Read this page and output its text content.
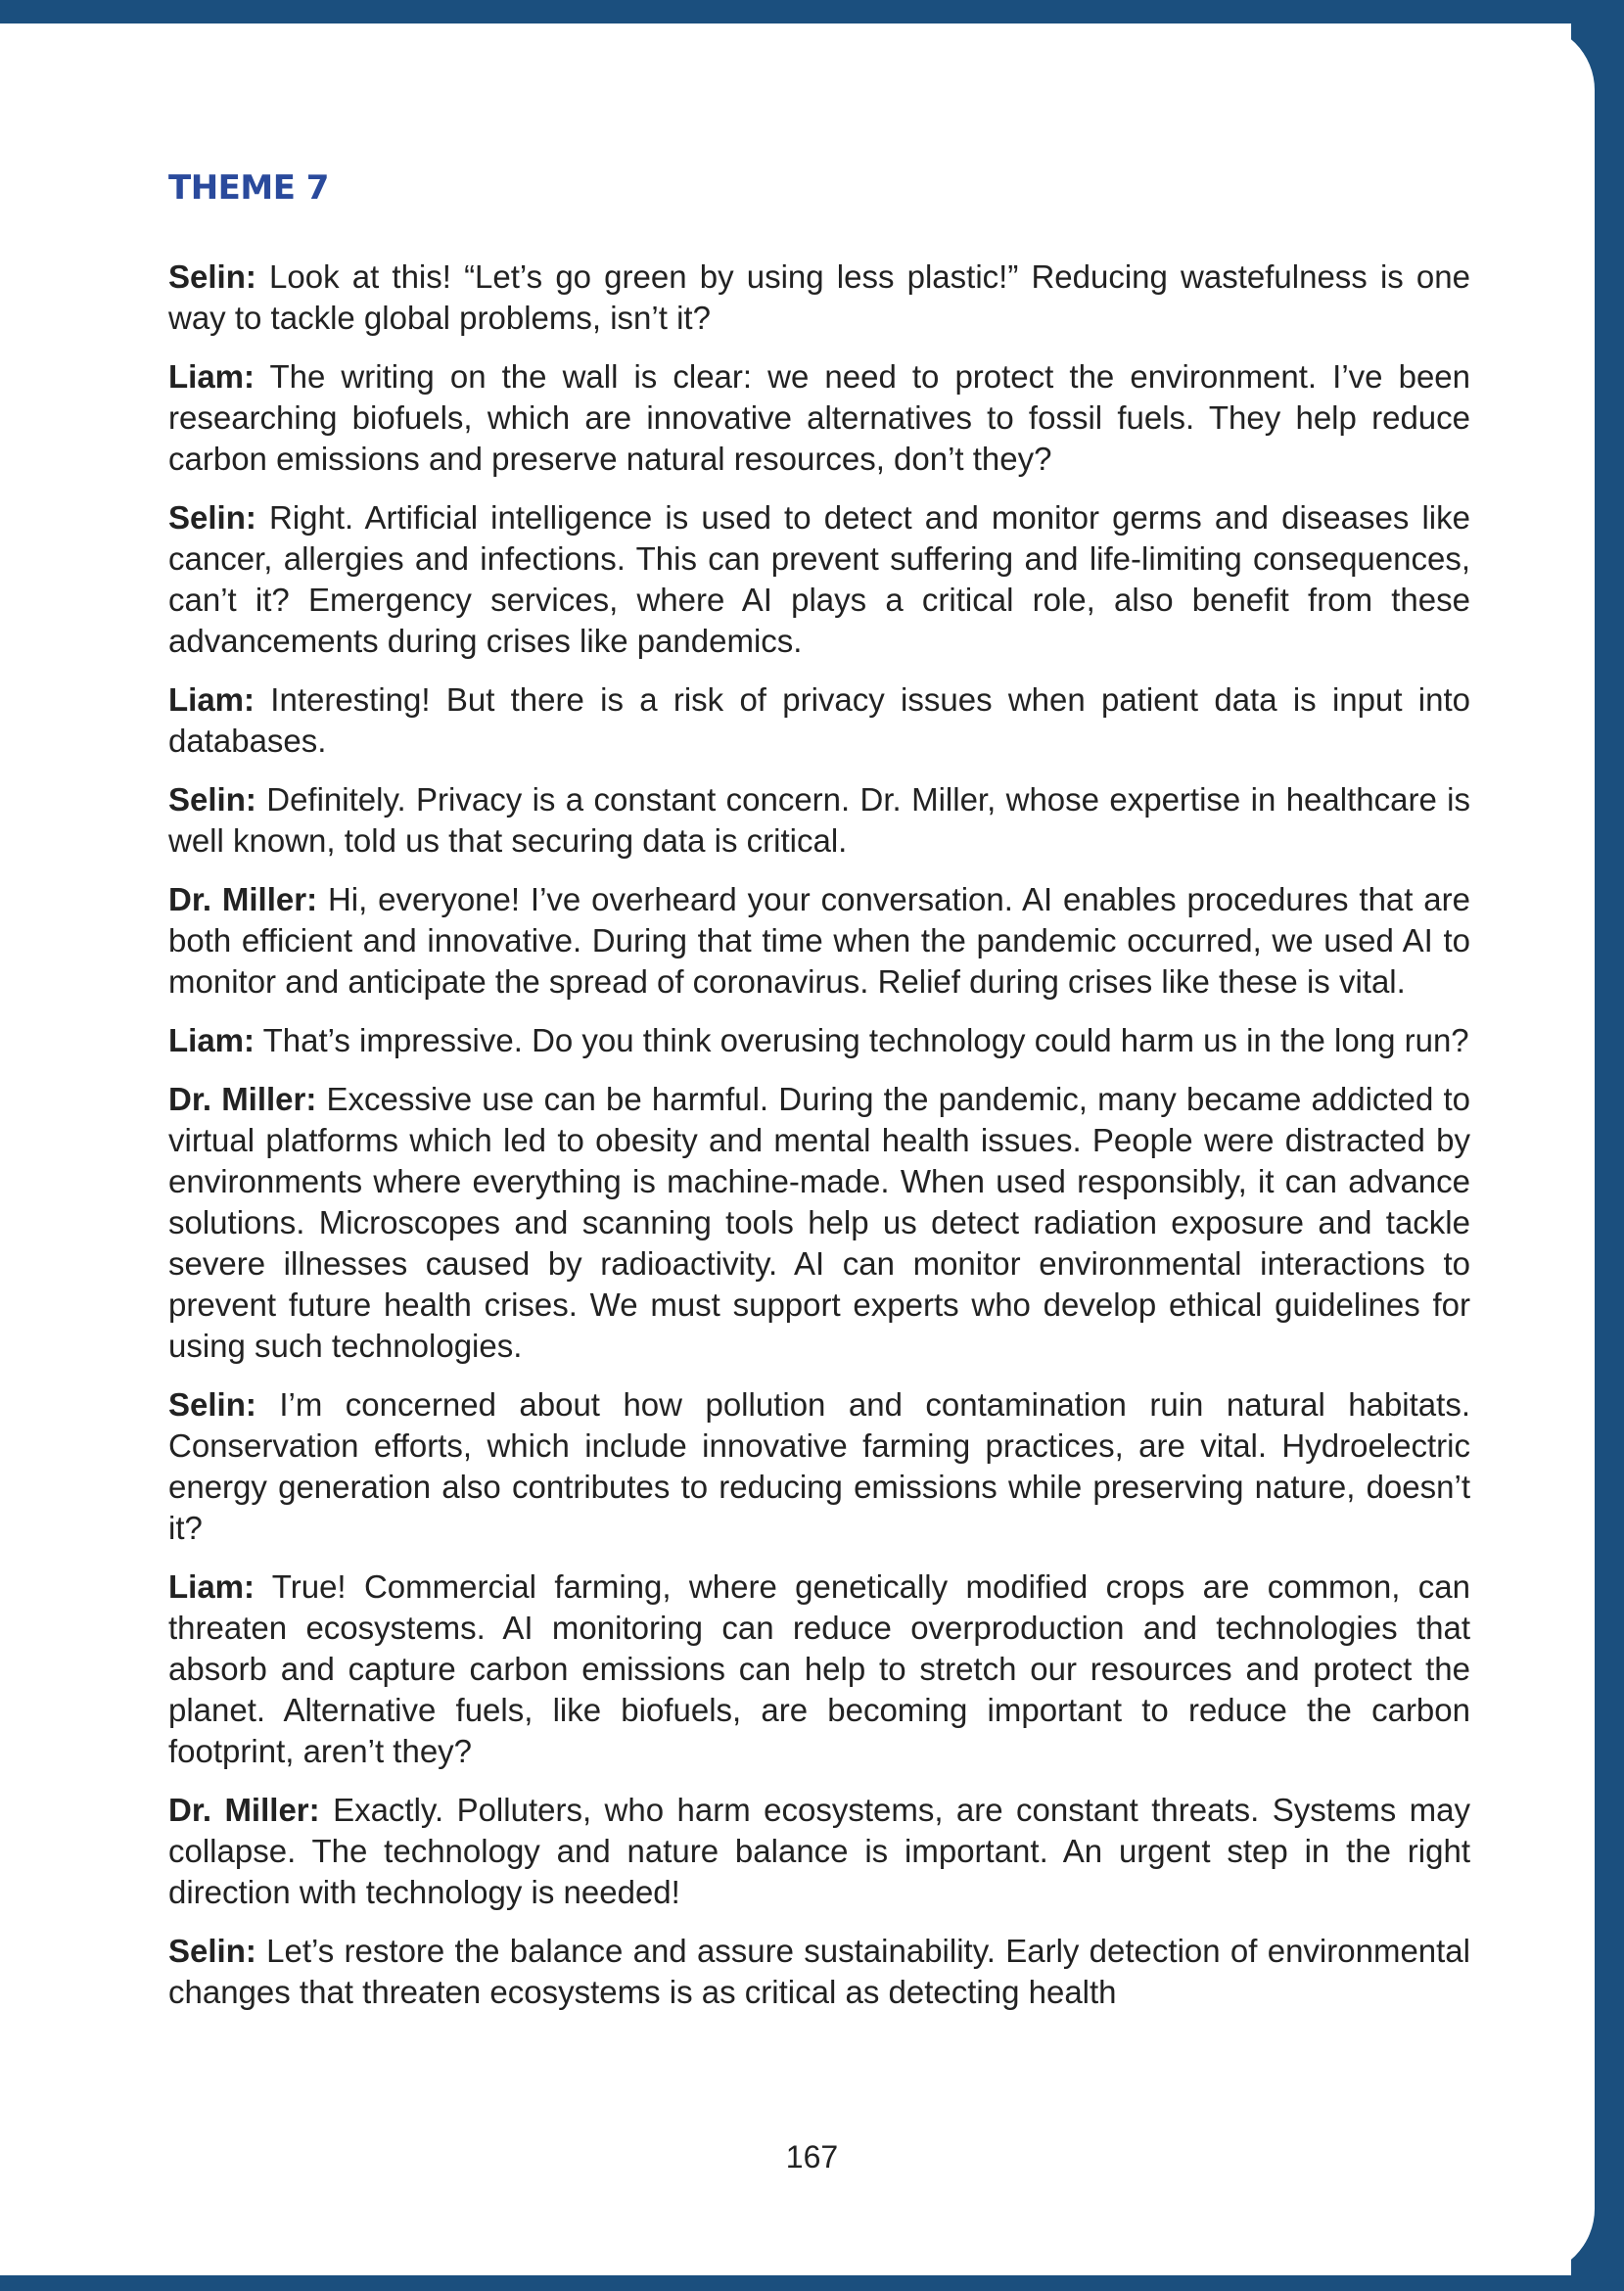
THEME 7

Selin: Look at this! “Let’s go green by using less plastic!” Reducing wastefulness is one way to tackle global problems, isn’t it?

Liam: The writing on the wall is clear: we need to protect the environment. I’ve been researching biofuels, which are innovative alternatives to fossil fuels. They help reduce carbon emissions and preserve natural resources, don’t they?

Selin: Right. Artificial intelligence is used to detect and monitor germs and diseases like cancer, allergies and infections. This can prevent suffering and life-limiting consequences, can’t it? Emergency services, where AI plays a critical role, also benefit from these advancements during crises like pandemics.

Liam: Interesting! But there is a risk of privacy issues when patient data is input into databases.

Selin: Definitely. Privacy is a constant concern. Dr. Miller, whose expertise in healthcare is well known, told us that securing data is critical.

Dr. Miller: Hi, everyone! I’ve overheard your conversation. AI enables procedures that are both efficient and innovative. During that time when the pandemic occurred, we used AI to monitor and anticipate the spread of coronavirus. Relief during crises like these is vital.

Liam: That’s impressive. Do you think overusing technology could harm us in the long run?

Dr. Miller: Excessive use can be harmful. During the pandemic, many became addicted to virtual platforms which led to obesity and mental health issues. People were distracted by environments where everything is machine-made. When used responsibly, it can advance solutions. Microscopes and scanning tools help us detect radiation exposure and tackle severe illnesses caused by radioactivity. AI can monitor environmental interactions to prevent future health crises. We must support experts who develop ethical guidelines for using such technologies.

Selin: I’m concerned about how pollution and contamination ruin natural habitats. Conservation efforts, which include innovative farming practices, are vital. Hydroelectric energy generation also contributes to reducing emissions while preserving nature, doesn’t it?

Liam: True! Commercial farming, where genetically modified crops are common, can threaten ecosystems. AI monitoring can reduce overproduction and technologies that absorb and capture carbon emissions can help to stretch our resources and protect the planet. Alternative fuels, like biofuels, are becoming important to reduce the carbon footprint, aren’t they?

Dr. Miller: Exactly. Polluters, who harm ecosystems, are constant threats. Systems may collapse. The technology and nature balance is important. An urgent step in the right direction with technology is needed!

Selin: Let’s restore the balance and assure sustainability. Early detection of environmental changes that threaten ecosystems is as critical as detecting health

167
